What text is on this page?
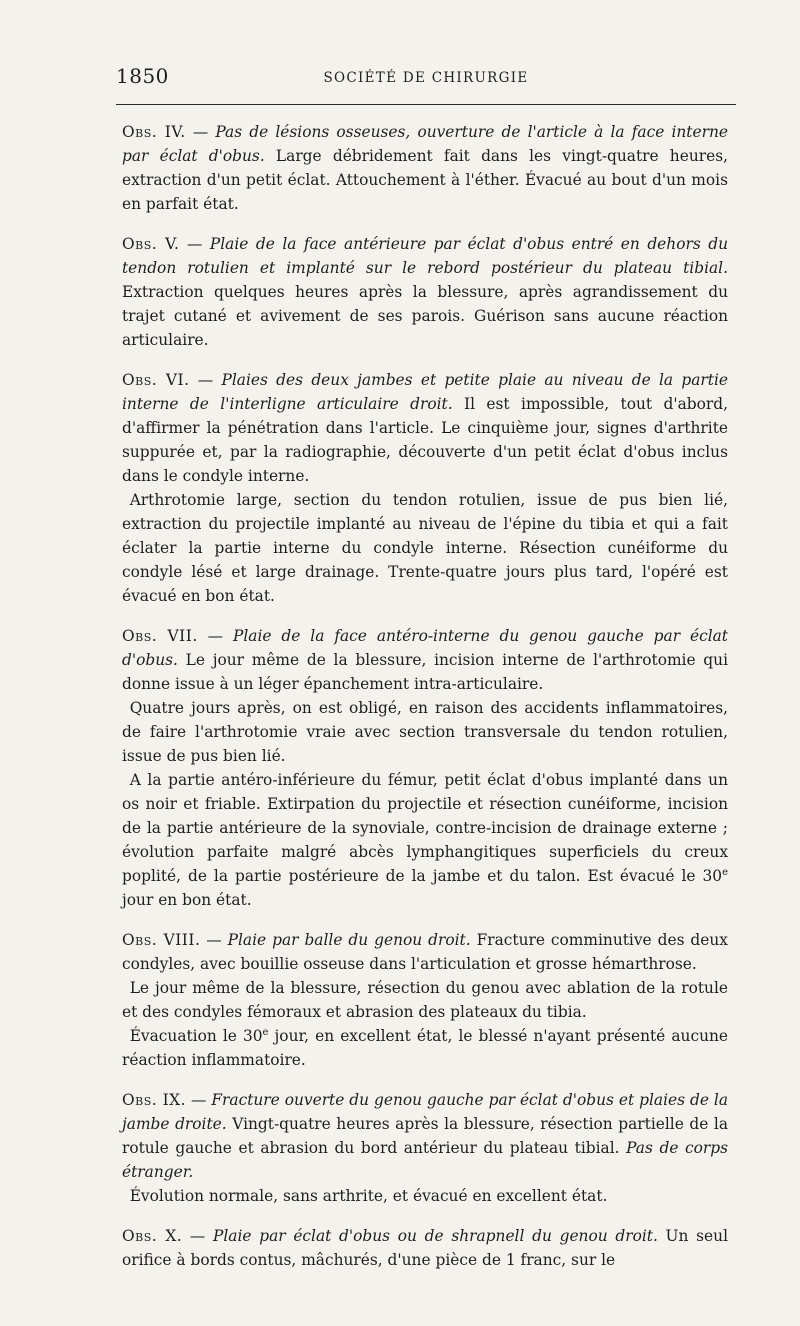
1850	SOCIÉTÉ DE CHIRURGIE

Obs. IV. — Pas de lésions osseuses, ouverture de l'article à la face interne par éclat d'obus. Large débridement fait dans les vingt-quatre heures, extraction d'un petit éclat. Attouchement à l'éther. Évacué au bout d'un mois en parfait état.

Obs. V. — Plaie de la face antérieure par éclat d'obus entré en dehors du tendon rotulien et implanté sur le rebord postérieur du plateau tibial. Extraction quelques heures après la blessure, après agrandissement du trajet cutané et avivement de ses parois. Guérison sans aucune réaction articulaire.

Obs. VI. — Plaies des deux jambes et petite plaie au niveau de la partie interne de l'interligne articulaire droit. Il est impossible, tout d'abord, d'affirmer la pénétration dans l'article. Le cinquième jour, signes d'arthrite suppurée et, par la radiographie, découverte d'un petit éclat d'obus inclus dans le condyle interne.

Arthrotomie large, section du tendon rotulien, issue de pus bien lié, extraction du projectile implanté au niveau de l'épine du tibia et qui a fait éclater la partie interne du condyle interne. Résection cunéiforme du condyle lésé et large drainage. Trente-quatre jours plus tard, l'opéré est évacué en bon état.

Obs. VII. — Plaie de la face antéro-interne du genou gauche par éclat d'obus. Le jour même de la blessure, incision interne de l'arthrotomie qui donne issue à un léger épanchement intra-articulaire.

Quatre jours après, on est obligé, en raison des accidents inflammatoires, de faire l'arthrotomie vraie avec section transversale du tendon rotulien, issue de pus bien lié.

A la partie antéro-inférieure du fémur, petit éclat d'obus implanté dans un os noir et friable. Extirpation du projectile et résection cunéiforme, incision de la partie antérieure de la synoviale, contre-incision de drainage externe ; évolution parfaite malgré abcès lymphangitiques superficiels du creux poplité, de la partie postérieure de la jambe et du talon. Est évacué le 30e jour en bon état.

Obs. VIII. — Plaie par balle du genou droit. Fracture comminutive des deux condyles, avec bouillie osseuse dans l'articulation et grosse hémarthrose.

Le jour même de la blessure, résection du genou avec ablation de la rotule et des condyles fémoraux et abrasion des plateaux du tibia.

Évacuation le 30e jour, en excellent état, le blessé n'ayant présenté aucune réaction inflammatoire.

Obs. IX. — Fracture ouverte du genou gauche par éclat d'obus et plaies de la jambe droite. Vingt-quatre heures après la blessure, résection partielle de la rotule gauche et abrasion du bord antérieur du plateau tibial. Pas de corps étranger.

Évolution normale, sans arthrite, et évacué en excellent état.

Obs. X. — Plaie par éclat d'obus ou de shrapnell du genou droit. Un seul orifice à bords contus, mâchurés, d'une pièce de 1 franc, sur le
